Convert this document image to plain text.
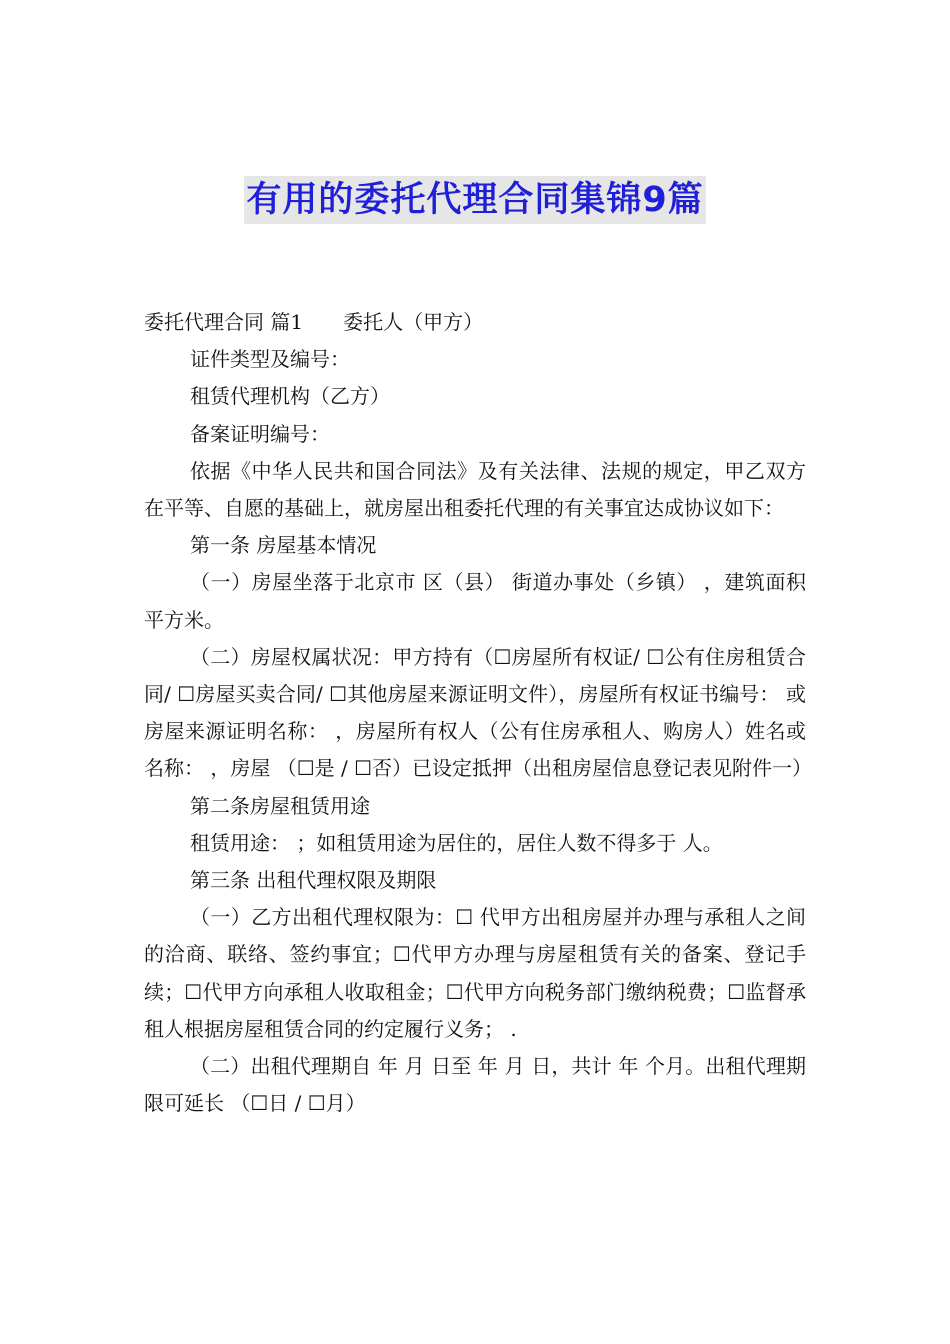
有用的委托代理合同集锦9篇

委托代理合同 篇1 委托人（甲方）

证件类型及编号：

租赁代理机构（乙方）

备案证明编号：

依据《中华人民共和国合同法》及有关法律、法规的规定，甲乙双方在平等、自愿的基础上，就房屋出租委托代理的有关事宜达成协议如下：

第一条 房屋基本情况

（一）房屋坐落于北京市 区（县） 街道办事处（乡镇） ，建筑面积 平方米。

（二）房屋权属状况：甲方持有（☐房屋所有权证/ ☐公有住房租赁合同/ ☐房屋买卖合同/ ☐其他房屋来源证明文件），房屋所有权证书编号： 或房屋来源证明名称： ，房屋所有权人（公有住房承租人、购房人）姓名或名称： ，房屋 （☐是 / ☐否）已设定抵押（出租房屋信息登记表见附件一）

第二条房屋租赁用途

租赁用途： ；如租赁用途为居住的，居住人数不得多于 人。

第三条 出租代理权限及期限

（一）乙方出租代理权限为：☐ 代甲方出租房屋并办理与承租人之间的洽商、联络、签约事宜；☐代甲方办理与房屋租赁有关的备案、登记手续；☐代甲方向承租人收取租金；☐代甲方向税务部门缴纳税费；☐监督承租人根据房屋租赁合同的约定履行义务； .

（二）出租代理期自 年 月 日至 年 月 日，共计 年 个月。出租代理期限可延长 （☐日 / ☐月）
